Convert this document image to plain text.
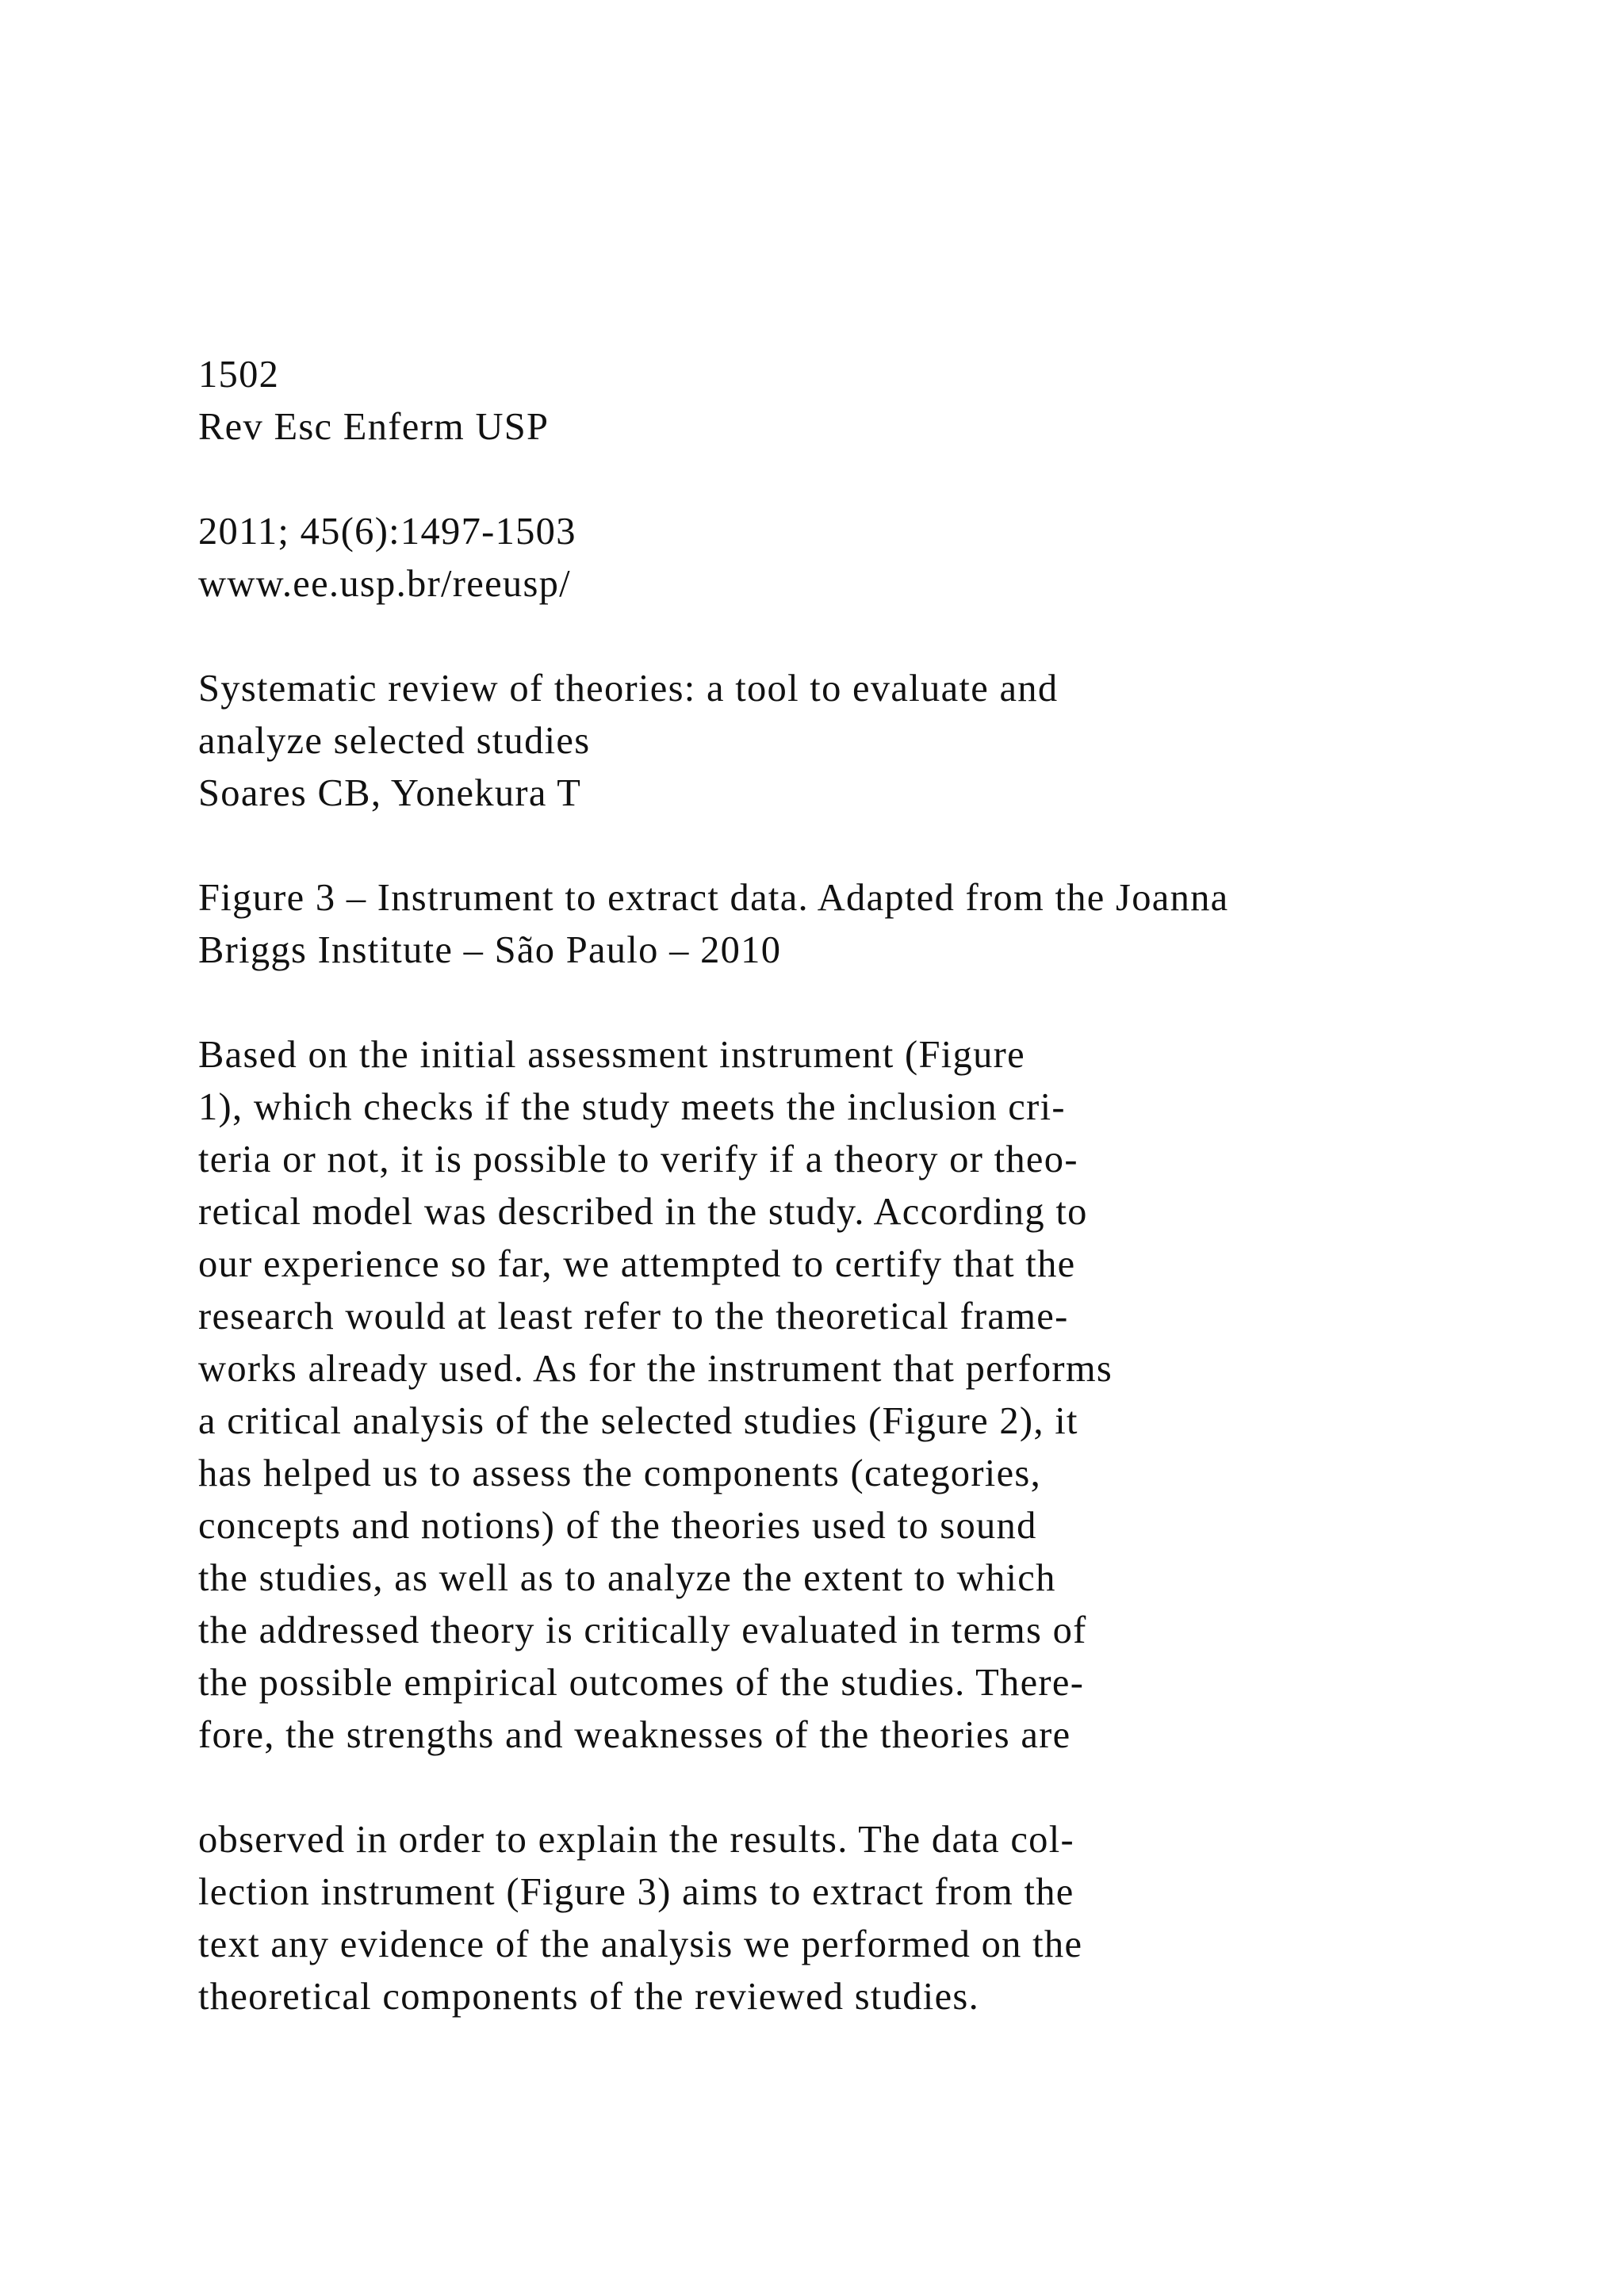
1502
Rev Esc Enferm USP
2011; 45(6):1497-1503
www.ee.usp.br/reeusp/
Systematic review of theories: a tool to evaluate and
analyze selected studies
Soares CB, Yonekura T
Figure 3 – Instrument to extract data. Adapted from the Joanna
Briggs Institute – São Paulo – 2010
Based on the initial assessment instrument (Figure
1), which checks if the study meets the inclusion cri-
teria or not, it is possible to verify if a theory or theo-
retical model was described in the study. According to
our experience so far, we attempted to certify that the
research would at least refer to the theoretical frame-
works already used. As for the instrument that performs
a critical analysis of the selected studies (Figure 2), it
has helped us to assess the components (categories,
concepts and notions) of the theories used to sound
the studies, as well as to analyze the extent to which
the addressed theory is critically evaluated in terms of
the possible empirical outcomes of the studies. There-
fore, the strengths and weaknesses of the theories are
observed in order to explain the results. The data col-
lection instrument (Figure 3) aims to extract from the
text any evidence of the analysis we performed on the
theoretical components of the reviewed studies.
